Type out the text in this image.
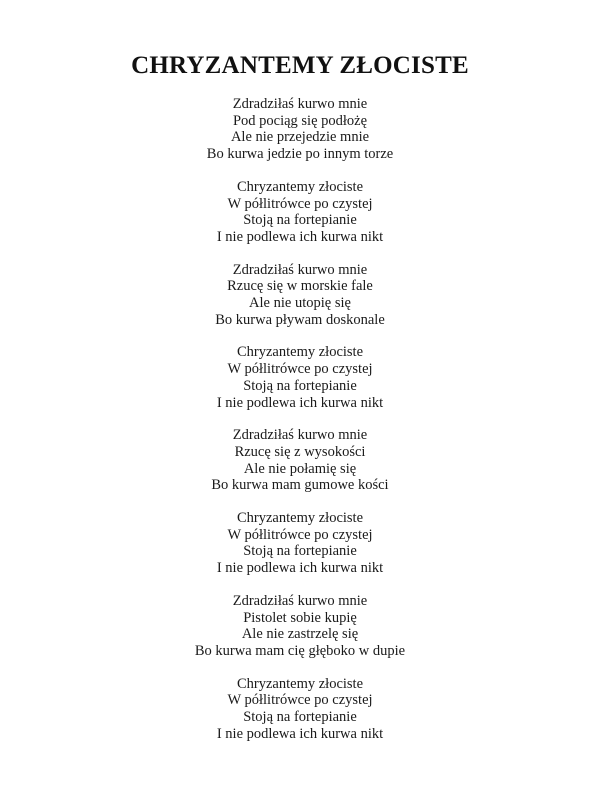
CHRYZANTEMY ZŁOCISTE
Zdradziłaś kurwo mnie
Pod pociąg się podłożę
Ale nie przejedzie mnie
Bo kurwa jedzie po innym torze
Chryzantemy złociste
W półlitrówce po czystej
Stoją na fortepianie
I nie podlewa ich kurwa nikt
Zdradziłaś kurwo mnie
Rzucę się w morskie fale
Ale nie utopię się
Bo kurwa pływam doskonale
Chryzantemy złociste
W półlitrówce po czystej
Stoją na fortepianie
I nie podlewa ich kurwa nikt
Zdradziłaś kurwo mnie
Rzucę się z wysokości
Ale nie połamię się
Bo kurwa mam gumowe kości
Chryzantemy złociste
W półlitrówce po czystej
Stoją na fortepianie
I nie podlewa ich kurwa nikt
Zdradziłaś kurwo mnie
Pistolet sobie kupię
Ale nie zastrzelę się
Bo kurwa mam cię głęboko w dupie
Chryzantemy złociste
W półlitrówce po czystej
Stoją na fortepianie
I nie podlewa ich kurwa nikt
